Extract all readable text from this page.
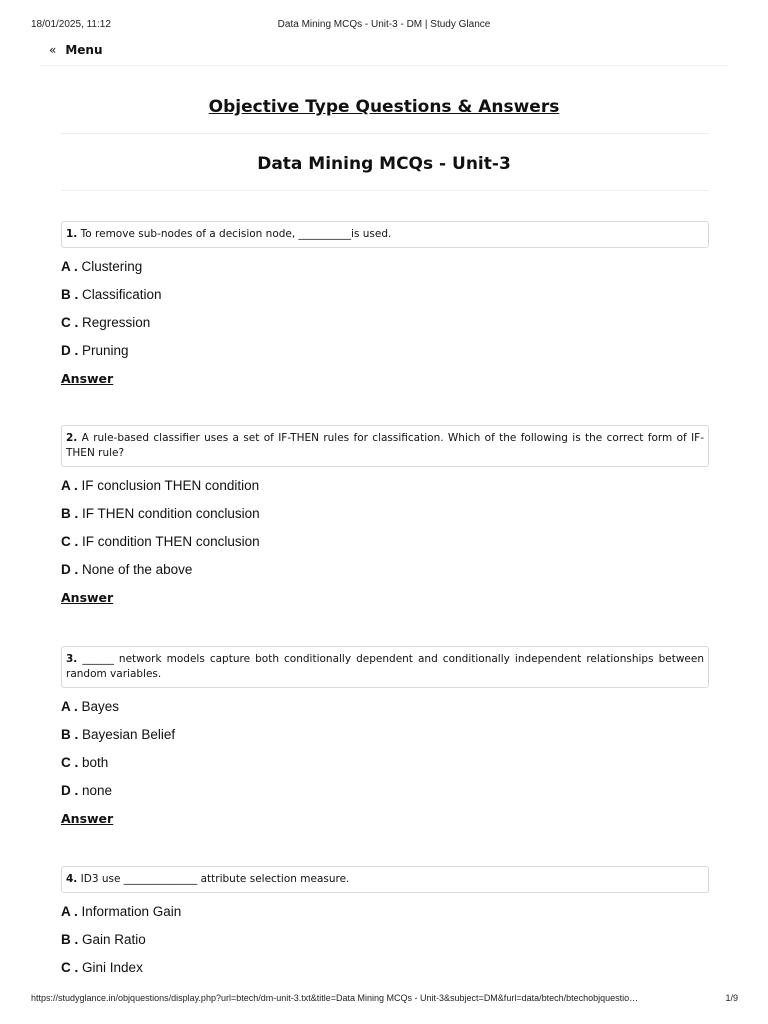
18/01/2025, 11:12	Data Mining MCQs - Unit-3 - DM | Study Glance
« Menu
Objective Type Questions & Answers
Data Mining MCQs - Unit-3
1. To remove sub-nodes of a decision node, __________is used.
A . Clustering
B . Classification
C . Regression
D . Pruning
Answer
2. A rule-based classifier uses a set of IF-THEN rules for classification. Which of the following is the correct form of IF-THEN rule?
A . IF conclusion THEN condition
B . IF THEN condition conclusion
C . IF condition THEN conclusion
D . None of the above
Answer
3. ______ network models capture both conditionally dependent and conditionally independent relationships between random variables.
A . Bayes
B . Bayesian Belief
C . both
D . none
Answer
4. ID3 use ______________ attribute selection measure.
A . Information Gain
B . Gain Ratio
C . Gini Index
https://studyglance.in/objquestions/display.php?url=btech/dm-unit-3.txt&title=Data Mining MCQs - Unit-3&subject=DM&furl=data/btech/btechobjquestio…	1/9
